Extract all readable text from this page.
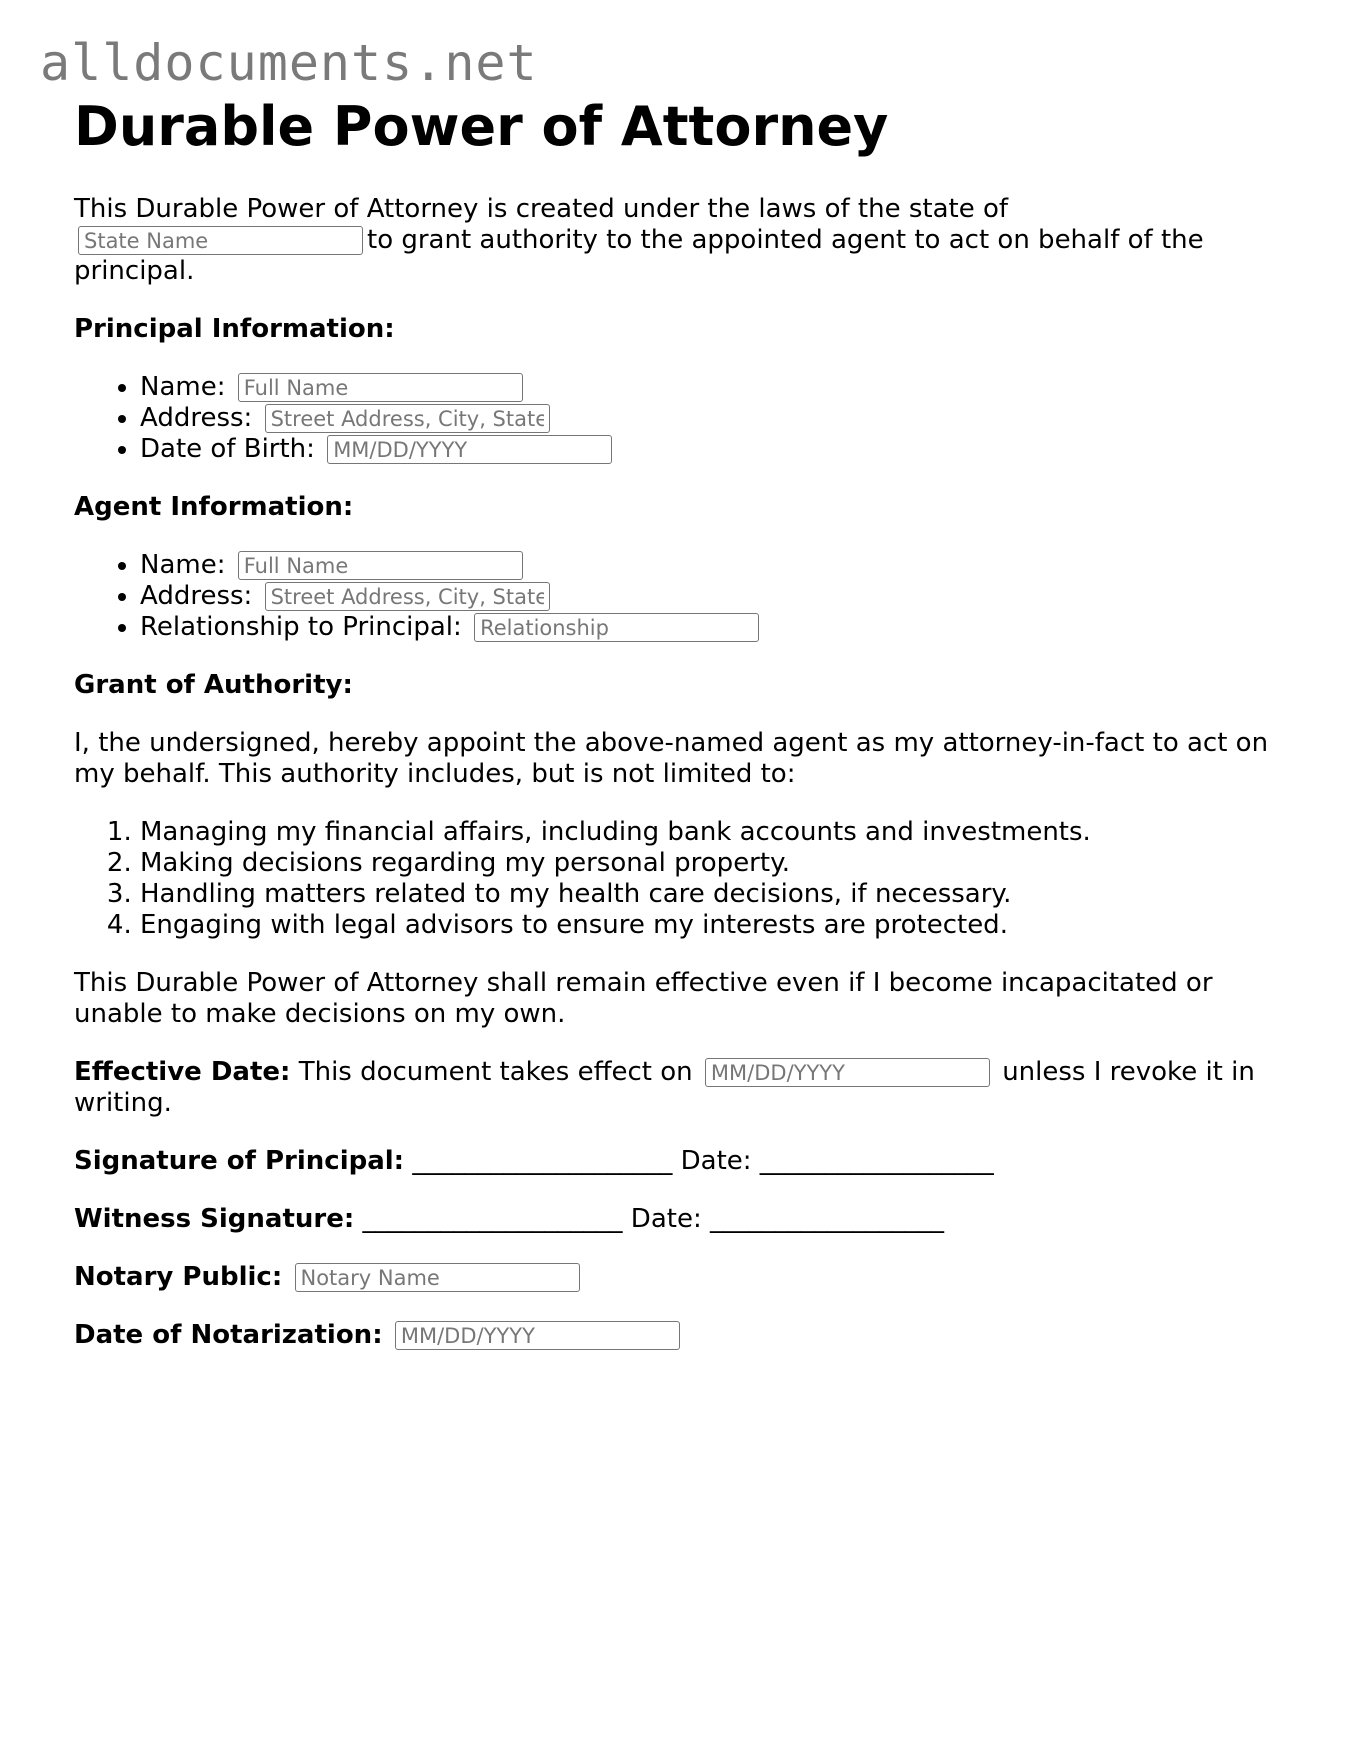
alldocuments.net
Durable Power of Attorney

This Durable Power of Attorney is created under the laws of the state of
State Nameto grant authority to the appointed agent to act on behalf of the principal.

Principal Information:
• Name: Full Name
• Address: Street Address, City, State
• Date of Birth: MM/DD/YYYY
Agent Information:
• Name: Full Name
• Address: Street Address, City, State
• Relationship to Principal: Relationship
Grant of Authority:

I, the undersigned, hereby appoint the above-named agent as my attorney-in-fact to act on my behalf. This authority includes, but is not limited to:

1. Managing my financial affairs, including bank accounts and investments.
2. Making decisions regarding my personal property.
3. Handling matters related to my health care decisions, if necessary.
4. Engaging with legal advisors to ensure my interests are protected.

This Durable Power of Attorney shall remain effective even if I become incapacitated or unable to make decisions on my own.

Effective Date: This document takes effect on MM/DD/YYYY	unless I revoke it in writing.

Signature of Principal: ____________________ Date: __________________

Witness Signature: ____________________ Date: __________________

Notary Public: Notary Name

Date of Notarization: MM/DD/YYYY
